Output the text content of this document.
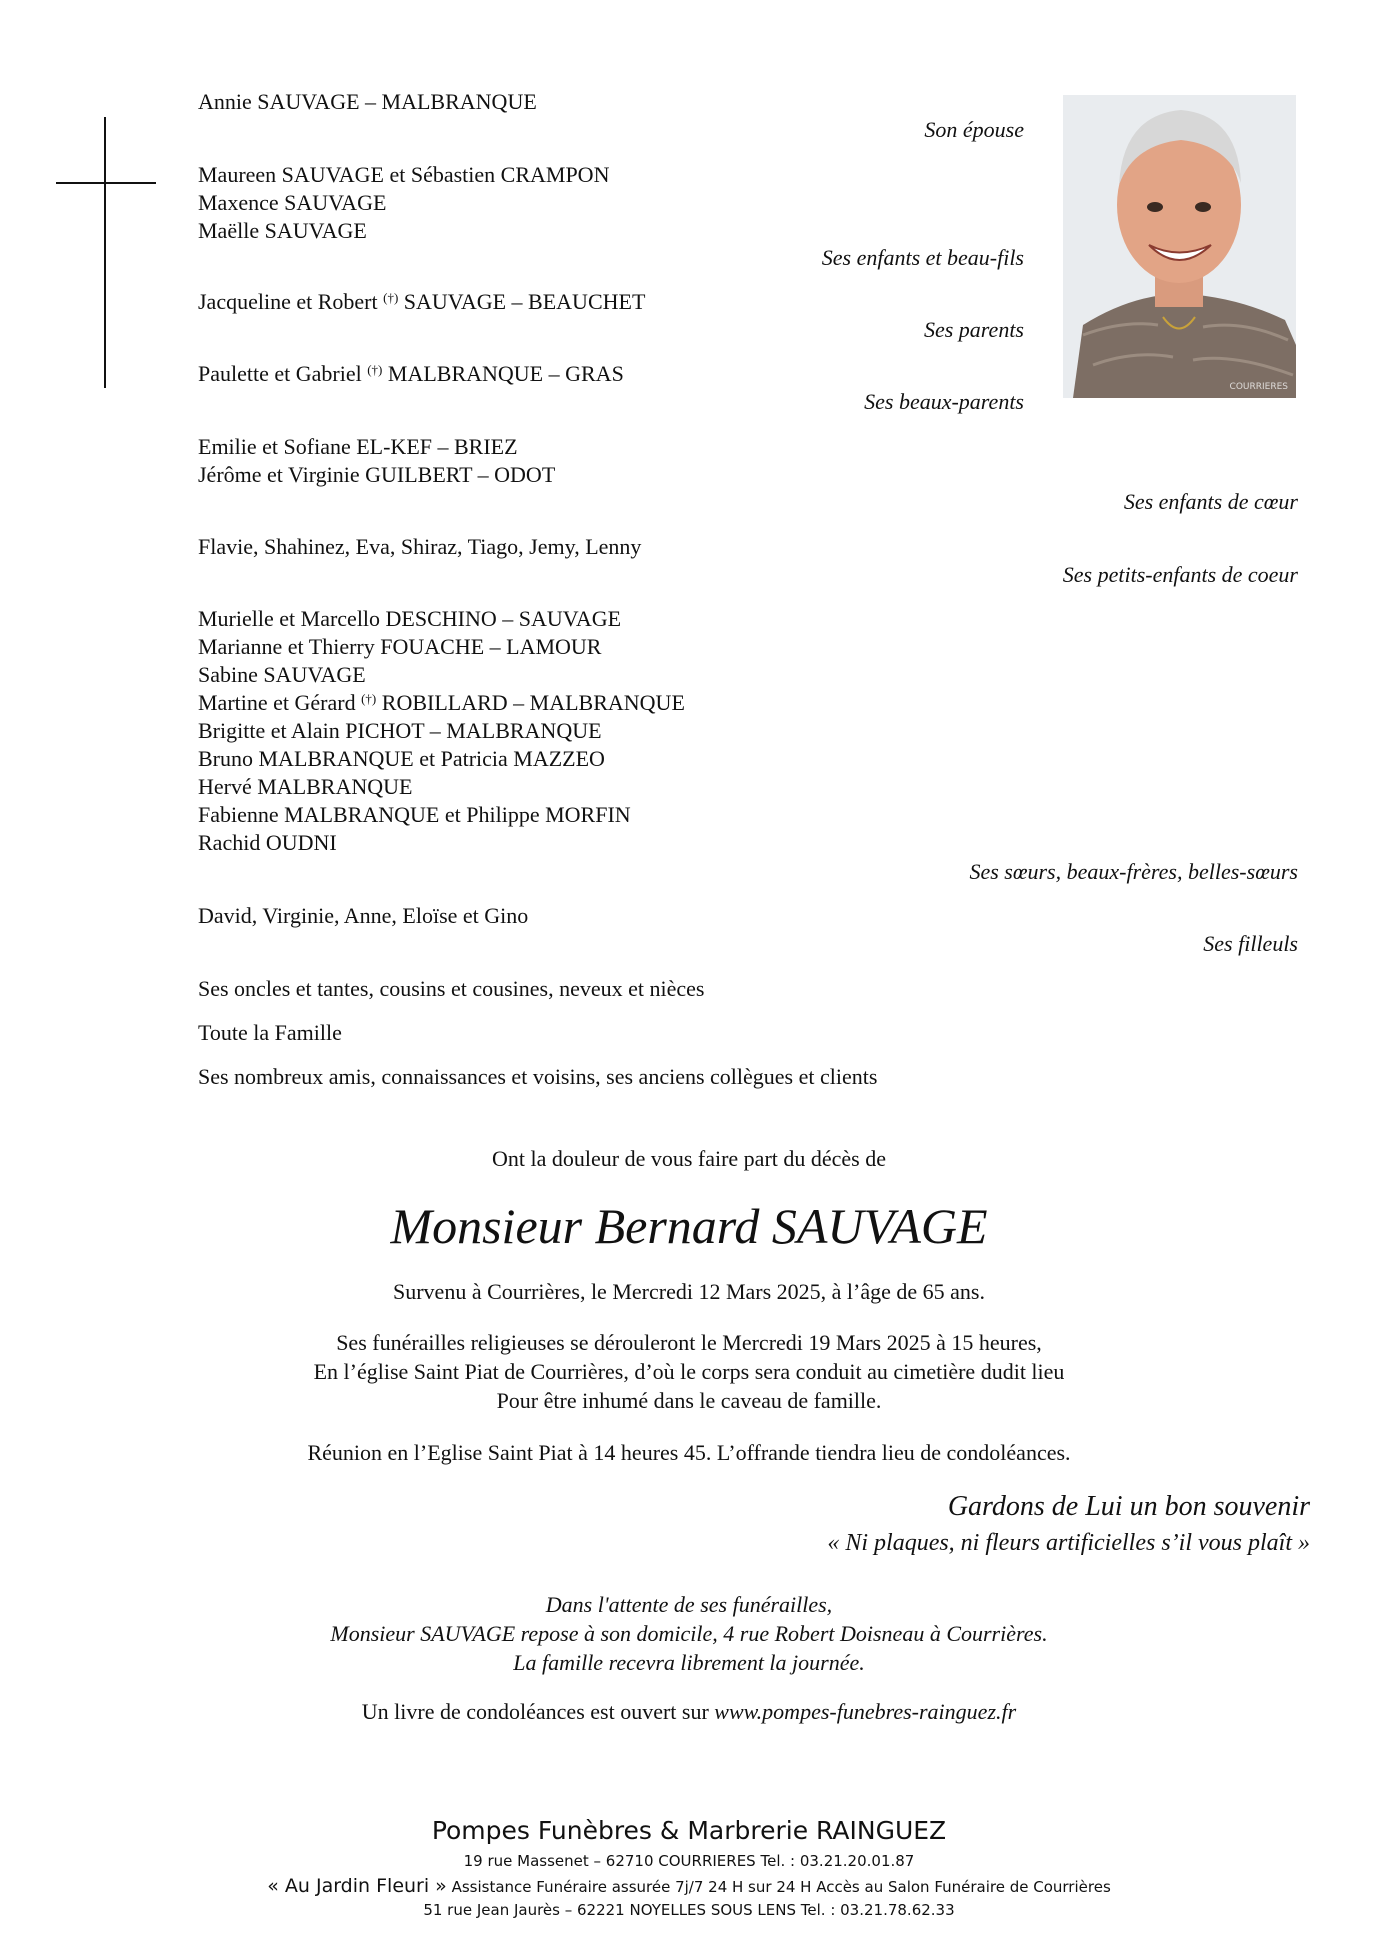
COURRIERES
Annie SAUVAGE – MALBRANQUE
Son épouse
Maureen SAUVAGE et Sébastien CRAMPON
Maxence SAUVAGE
Maëlle SAUVAGE
Ses enfants et beau-fils
Jacqueline et Robert (†) SAUVAGE – BEAUCHET
Ses parents
Paulette et Gabriel (†) MALBRANQUE – GRAS
Ses beaux-parents
Emilie et Sofiane EL-KEF – BRIEZ
Jérôme et Virginie GUILBERT – ODOT
Ses enfants de cœur
Flavie, Shahinez, Eva, Shiraz, Tiago, Jemy, Lenny
Ses petits-enfants de coeur
Murielle et Marcello DESCHINO – SAUVAGE
Marianne et Thierry FOUACHE – LAMOUR
Sabine SAUVAGE
Martine et Gérard (†) ROBILLARD – MALBRANQUE
Brigitte et Alain PICHOT – MALBRANQUE
Bruno MALBRANQUE et Patricia MAZZEO
Hervé MALBRANQUE
Fabienne MALBRANQUE et Philippe MORFIN
Rachid OUDNI
Ses sœurs, beaux-frères, belles-sœurs
David, Virginie, Anne, Eloïse et Gino
Ses filleuls
Ses oncles et tantes, cousins et cousines, neveux et nièces
Toute la Famille
Ses nombreux amis, connaissances et voisins, ses anciens collègues et clients
Ont la douleur de vous faire part du décès de
Monsieur Bernard SAUVAGE
Survenu à Courrières, le Mercredi 12 Mars 2025, à l’âge de 65 ans.
Ses funérailles religieuses se dérouleront le Mercredi 19 Mars 2025 à 15 heures,
En l’église Saint Piat de Courrières, d’où le corps sera conduit au cimetière dudit lieu
Pour être inhumé dans le caveau de famille.
Réunion en l’Eglise Saint Piat à 14 heures 45. L’offrande tiendra lieu de condoléances.
Gardons de Lui un bon souvenir
« Ni plaques, ni fleurs artificielles s’il vous plaît »
Dans l'attente de ses funérailles,
Monsieur SAUVAGE repose à son domicile, 4 rue Robert Doisneau à Courrières.
La famille recevra librement la journée.
Un livre de condoléances est ouvert sur www.pompes-funebres-rainguez.fr
Pompes Funèbres & Marbrerie RAINGUEZ
19 rue Massenet – 62710 COURRIERES Tel. : 03.21.20.01.87
« Au Jardin Fleuri » Assistance Funéraire assurée 7j/7 24 H sur 24 H Accès au Salon Funéraire de Courrières
51 rue Jean Jaurès – 62221 NOYELLES SOUS LENS Tel. : 03.21.78.62.33
